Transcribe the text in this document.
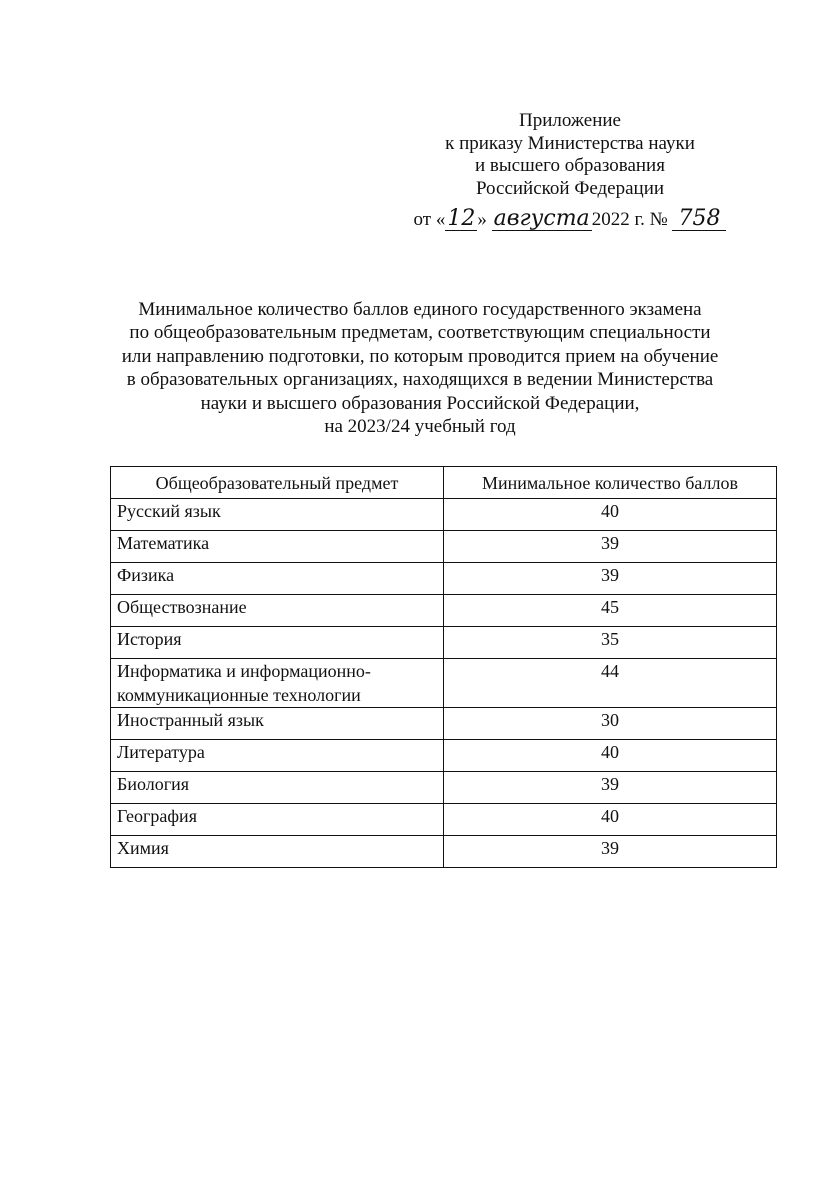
Приложение
к приказу Министерства науки
и высшего образования
Российской Федерации
от «12 » августа 2022 г. № 758
Минимальное количество баллов единого государственного экзамена
по общеобразовательным предметам, соответствующим специальности
или направлению подготовки, по которым проводится прием на обучение
в образовательных организациях, находящихся в ведении Министерства
науки и высшего образования Российской Федерации,
на 2023/24 учебный год
Общеобразовательный предмет	Минимальное количество баллов
Русский язык	40
Математика	39
Физика	39
Обществознание	45
История	35
Информатика и информационно-коммуникационные технологии	44
Иностранный язык	30
Литература	40
Биология	39
География	40
Химия	39
